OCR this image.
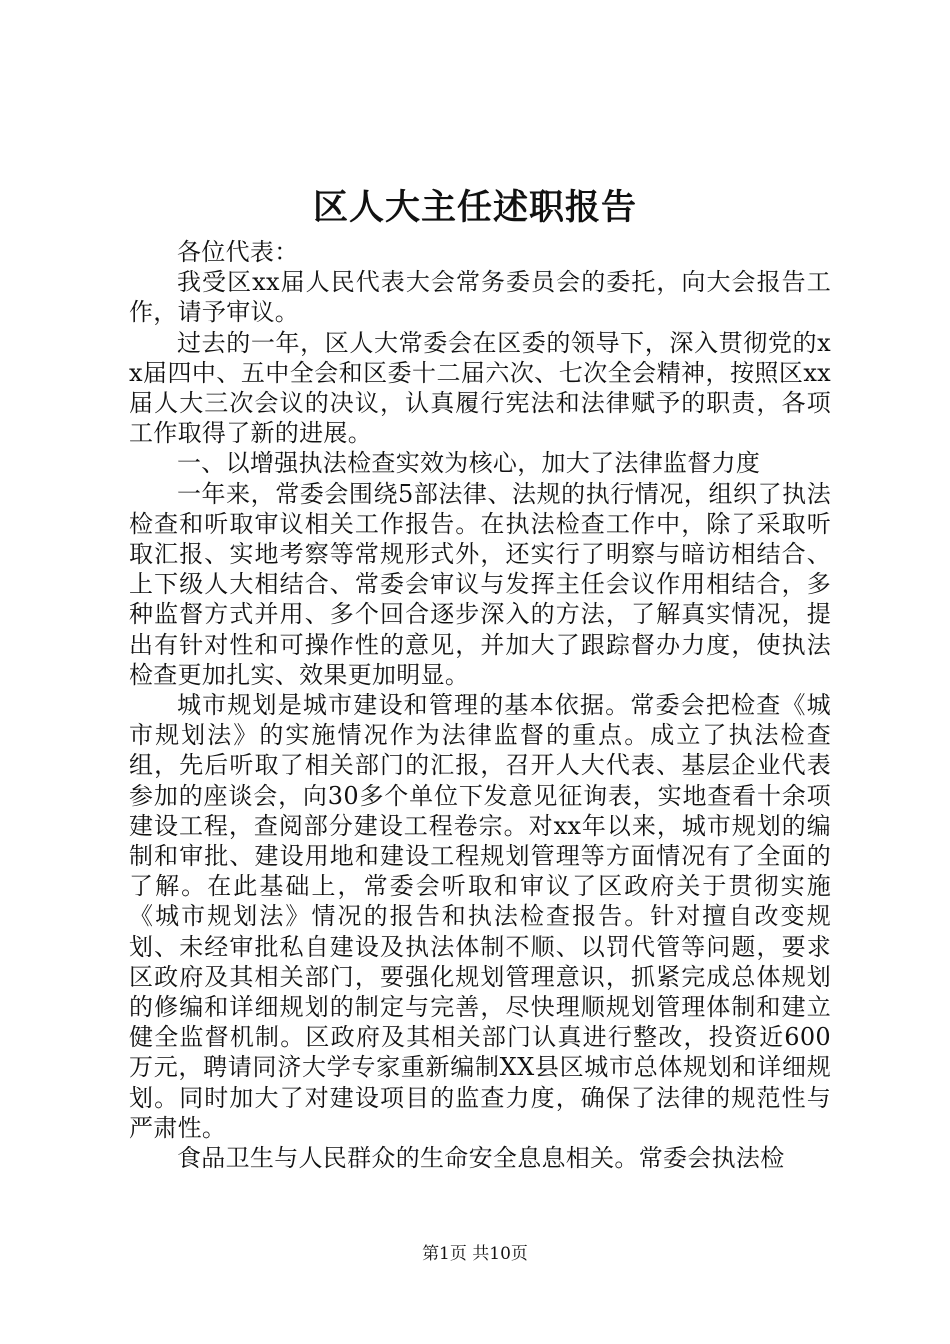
区人大主任述职报告

各位代表：

我受区xx届人民代表大会常务委员会的委托，向大会报告工作，请予审议。

过去的一年，区人大常委会在区委的领导下，深入贯彻党的xx届四中、五中全会和区委十二届六次、七次全会精神，按照区xx届人大三次会议的决议，认真履行宪法和法律赋予的职责，各项工作取得了新的进展。

一、以增强执法检查实效为核心，加大了法律监督力度

一年来，常委会围绕5部法律、法规的执行情况，组织了执法检查和听取审议相关工作报告。在执法检查工作中，除了采取听取汇报、实地考察等常规形式外，还实行了明察与暗访相结合、上下级人大相结合、常委会审议与发挥主任会议作用相结合，多种监督方式并用、多个回合逐步深入的方法，了解真实情况，提出有针对性和可操作性的意见，并加大了跟踪督办力度，使执法检查更加扎实、效果更加明显。

城市规划是城市建设和管理的基本依据。常委会把检查《城市规划法》的实施情况作为法律监督的重点。成立了执法检查组，先后听取了相关部门的汇报，召开人大代表、基层企业代表参加的座谈会，向30多个单位下发意见征询表，实地查看十余项建设工程，查阅部分建设工程卷宗。对xx年以来，城市规划的编制和审批、建设用地和建设工程规划管理等方面情况有了全面的了解。在此基础上，常委会听取和审议了区政府关于贯彻实施《城市规划法》情况的报告和执法检查报告。针对擅自改变规划、未经审批私自建设及执法体制不顺、以罚代管等问题，要求区政府及其相关部门，要强化规划管理意识，抓紧完成总体规划的修编和详细规划的制定与完善，尽快理顺规划管理体制和建立健全监督机制。区政府及其相关部门认真进行整改，投资近600万元，聘请同济大学专家重新编制XX县区城市总体规划和详细规划。同时加大了对建设项目的监查力度，确保了法律的规范性与严肃性。

食品卫生与人民群众的生命安全息息相关。常委会执法检

第1页 共10页
